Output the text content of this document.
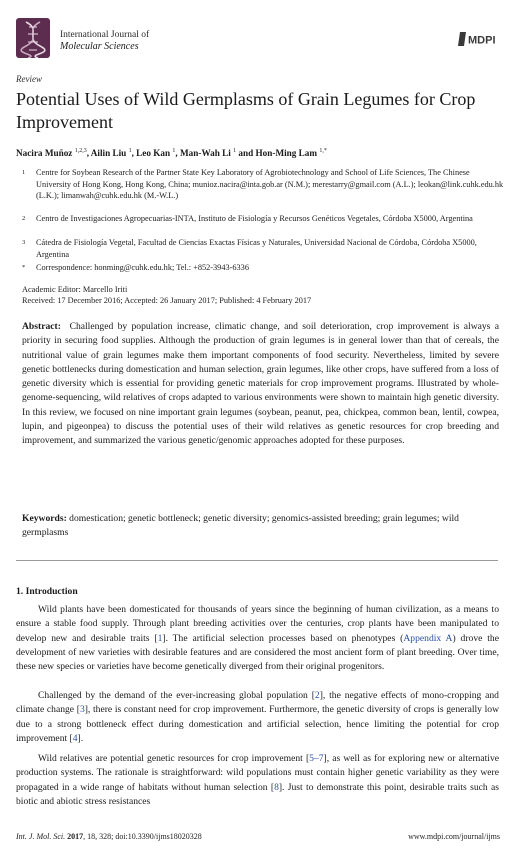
International Journal of
Molecular Sciences	MDPI
Review
Potential Uses of Wild Germplasms of Grain Legumes for Crop Improvement
Nacira Muñoz $^{1,2,3}$, Ailin Liu $^1$, Leo Kan $^1$, Man-Wah Li $^1$ and Hon-Ming Lam $^{1,*}$
1 Centre for Soybean Research of the Partner State Key Laboratory of Agrobiotechnology and School of Life Sciences, The Chinese University of Hong Kong, Hong Kong, China; munioz.nacira@inta.gob.ar (N.M.); merestarry@gmail.com (A.L.); leokan@link.cuhk.edu.hk (L.K.); limanwah@cuhk.edu.hk (M.-W.L.)
2 Centro de Investigaciones Agropecuarias-INTA, Instituto de Fisiología y Recursos Genéticos Vegetales, Córdoba X5000, Argentina
3 Cátedra de Fisiología Vegetal, Facultad de Ciencias Exactas Físicas y Naturales, Universidad Nacional de Córdoba, Córdoba X5000, Argentina
* Correspondence: honming@cuhk.edu.hk; Tel.: +852-3943-6336
Academic Editor: Marcello Iriti
Received: 17 December 2016; Accepted: 26 January 2017; Published: 4 February 2017
Abstract: Challenged by population increase, climatic change, and soil deterioration, crop improvement is always a priority in securing food supplies. Although the production of grain legumes is in general lower than that of cereals, the nutritional value of grain legumes make them important components of food security. Nevertheless, limited by severe genetic bottlenecks during domestication and human selection, grain legumes, like other crops, have suffered from a loss of genetic diversity which is essential for providing genetic materials for crop improvement programs. Illustrated by whole-genome-sequencing, wild relatives of crops adapted to various environments were shown to maintain high genetic diversity. In this review, we focused on nine important grain legumes (soybean, peanut, pea, chickpea, common bean, lentil, cowpea, lupin, and pigeonpea) to discuss the potential uses of their wild relatives as genetic resources for crop breeding and improvement, and summarized the various genetic/genomic approaches adopted for these purposes.
Keywords: domestication; genetic bottleneck; genetic diversity; genomics-assisted breeding; grain legumes; wild germplasms
1. Introduction
Wild plants have been domesticated for thousands of years since the beginning of human civilization, as a means to ensure a stable food supply. Through plant breeding activities over the centuries, crop plants have been manipulated to develop new and desirable traits [1]. The artificial selection processes based on phenotypes (Appendix A) drove the development of new varieties with desirable features and are considered the most ancient form of plant breeding. Over time, these new species or varieties have become genetically diverged from their original progenitors.
Challenged by the demand of the ever-increasing global population [2], the negative effects of mono-cropping and climate change [3], there is constant need for crop improvement. Furthermore, the genetic diversity of crops is generally low due to a strong bottleneck effect during domestication and artificial selection, hence limiting the potential for crop improvement [4].
Wild relatives are potential genetic resources for crop improvement [5–7], as well as for exploring new or alternative production systems. The rationale is straightforward: wild populations must contain higher genetic variability as they were propagated in a wide range of habitats without human selection [8]. Just to demonstrate this point, desirable traits such as biotic and abiotic stress resistances
Int. J. Mol. Sci. 2017, 18, 328; doi:10.3390/ijms18020328	www.mdpi.com/journal/ijms
